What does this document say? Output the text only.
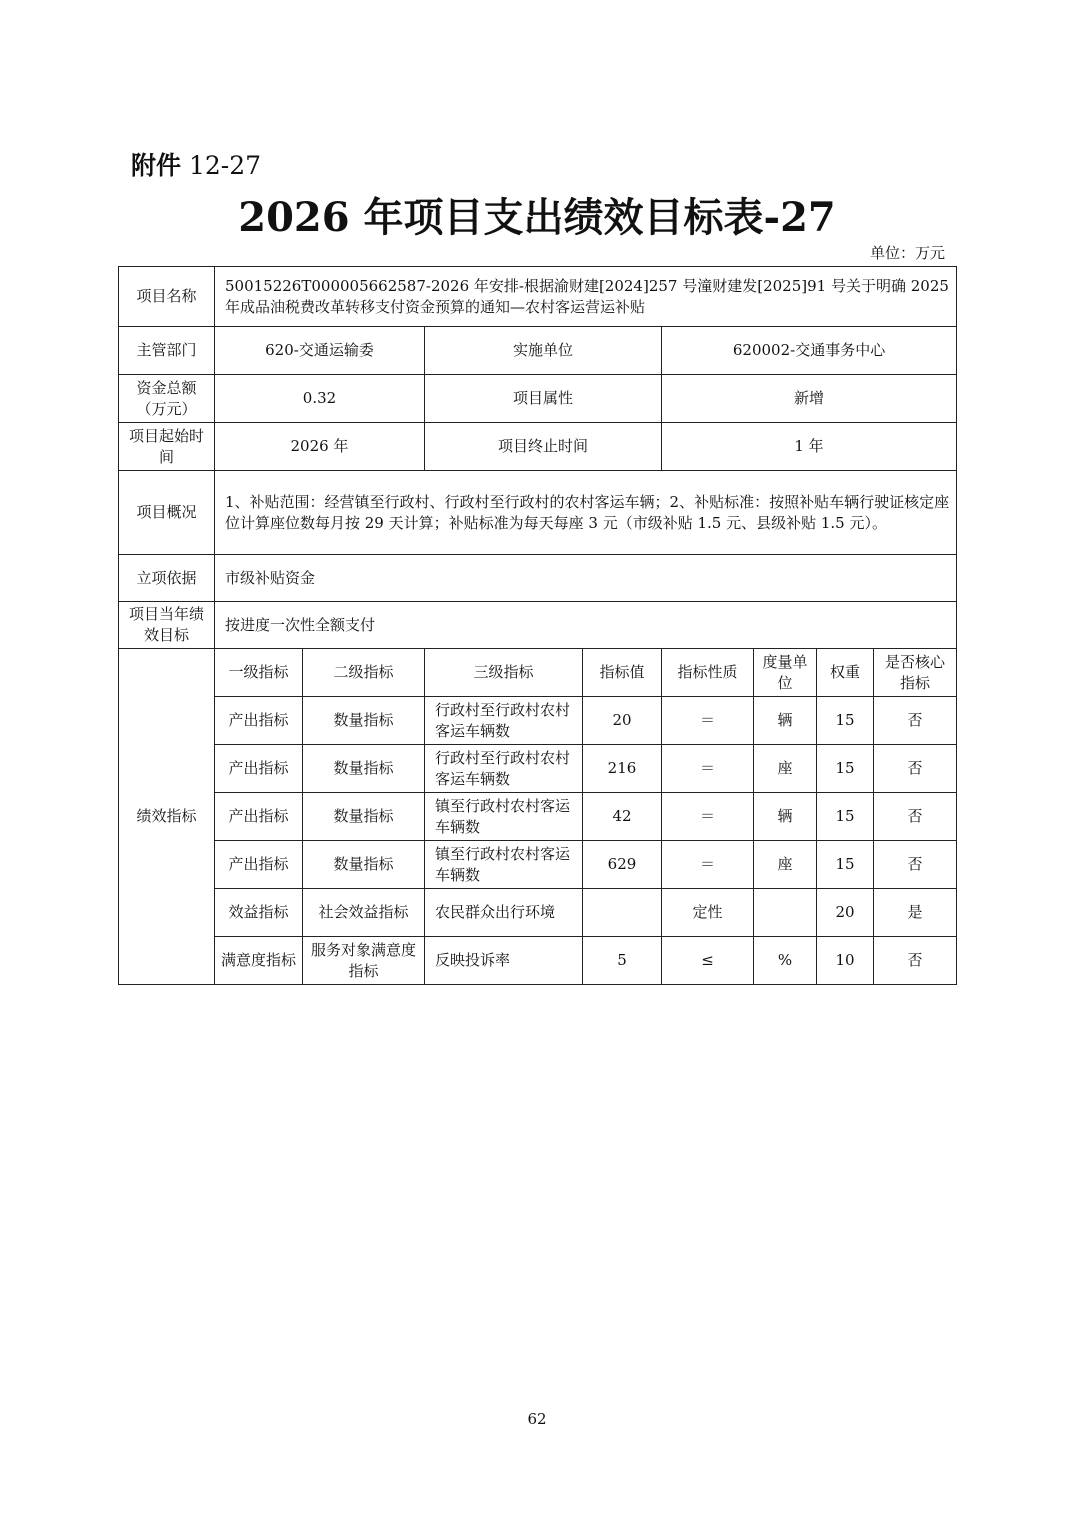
附件 12-27
2026 年项目支出绩效目标表-27
单位：万元
项目名称	50015226T000005662587-2026 年安排-根据渝财建[2024]257 号潼财建发[2025]91 号关于明确 2025 年成品油税费改革转移支付资金预算的通知—农村客运营运补贴							
主管部门	620-交通运输委		实施单位		620002-交通事务中心			
资金总额（万元）	0.32		项目属性		新增			
项目起始时间	2026 年		项目终止时间		1 年			
项目概况	1、补贴范围：经营镇至行政村、行政村至行政村的农村客运车辆；2、补贴标准：按照补贴车辆行驶证核定座位计算座位数每月按 29 天计算；补贴标准为每天每座 3 元（市级补贴 1.5 元、县级补贴 1.5 元）。							
立项依据	市级补贴资金							
项目当年绩效目标	按进度一次性全额支付							
绩效指标	一级指标	二级指标	三级指标	指标值	指标性质	度量单位	权重	是否核心指标
	产出指标	数量指标	行政村至行政村农村客运车辆数	20	＝	辆	15	否
	产出指标	数量指标	行政村至行政村农村客运车辆数	216	＝	座	15	否
	产出指标	数量指标	镇至行政村农村客运车辆数	42	＝	辆	15	否
	产出指标	数量指标	镇至行政村农村客运车辆数	629	＝	座	15	否
	效益指标	社会效益指标	农民群众出行环境		定性		20	是
	满意度指标	服务对象满意度指标	反映投诉率	5	≤	%	10	否
62
